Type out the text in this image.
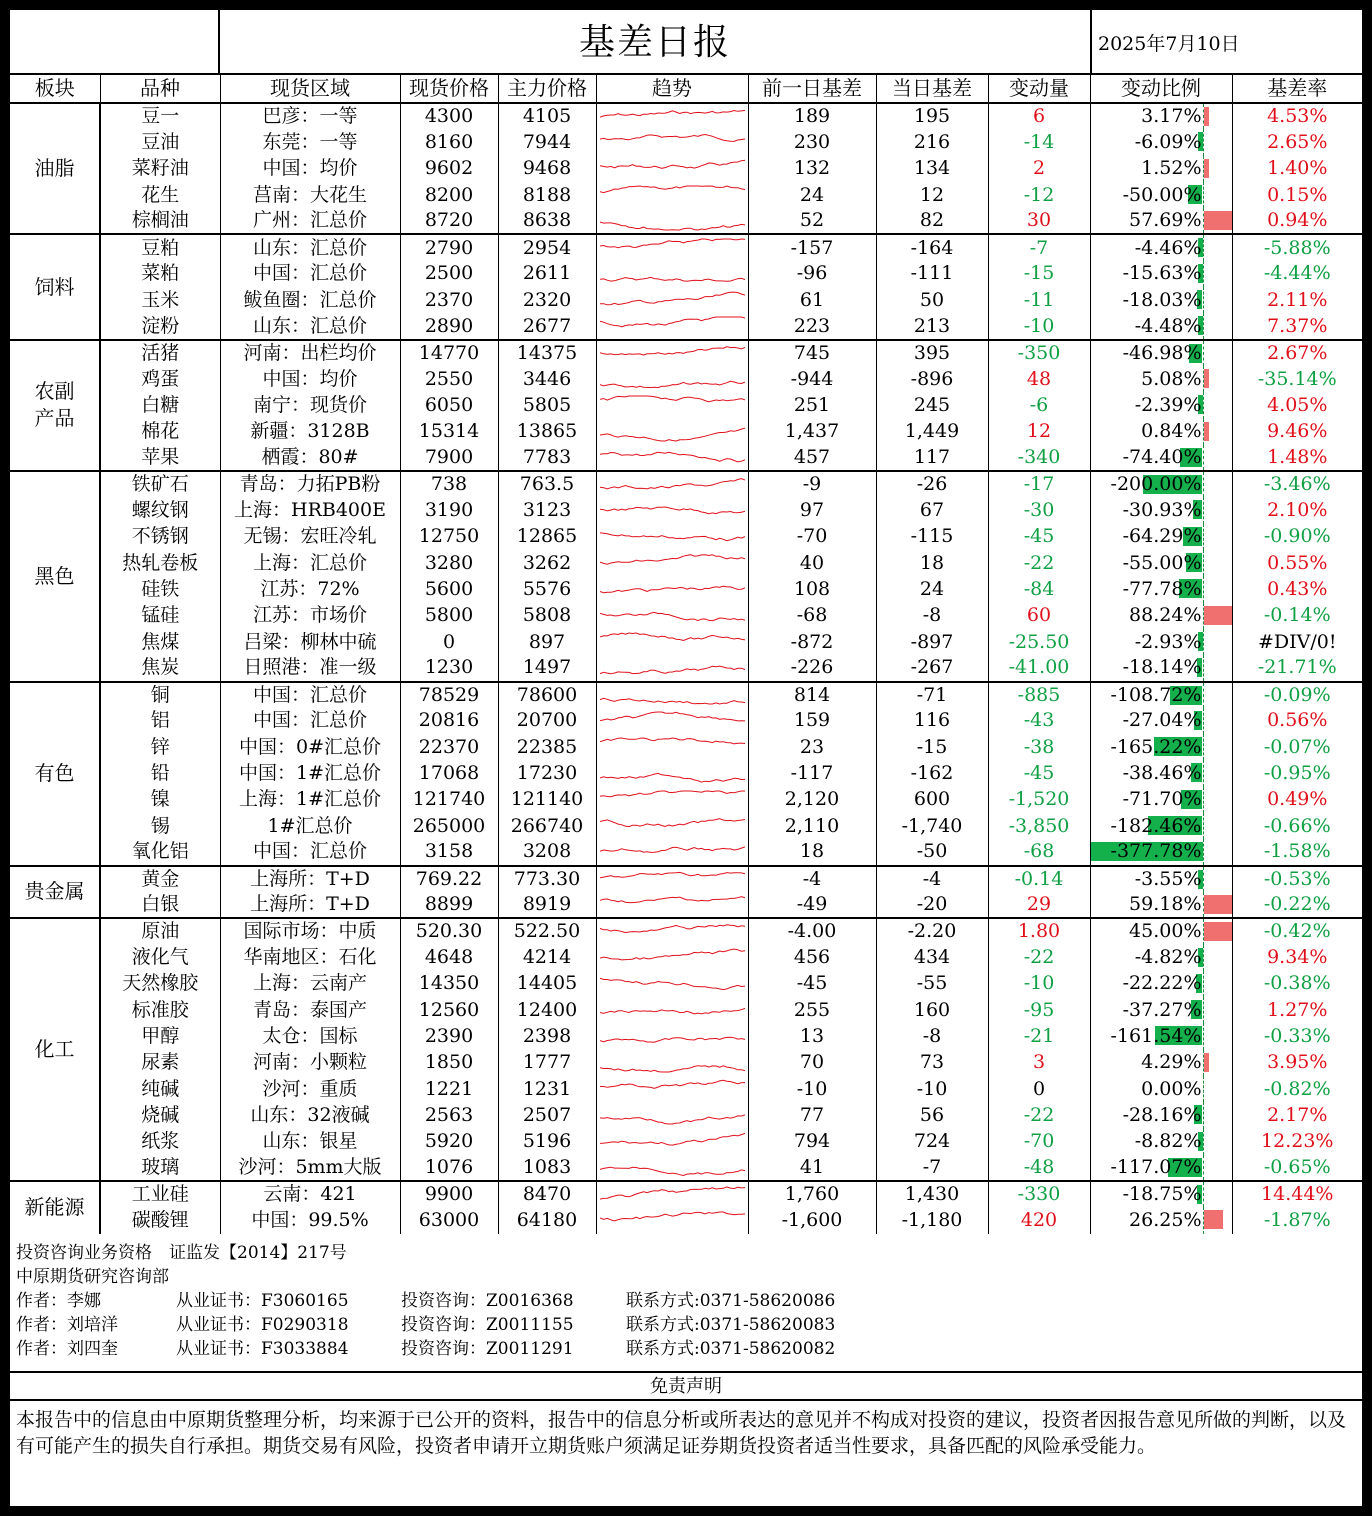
基差日报	2025年7月10日
板块	品种	现货区域	现货价格	主力价格	趋势	前一日基差	当日基差	变动量	变动比例	基差率
油脂	豆一	巴彦：一等	4300	4105		189	195	6	3.17%	4.53%
	豆油	东莞：一等	8160	7944		230	216	-14	-6.09%	2.65%
	菜籽油	中国：均价	9602	9468		132	134	2	1.52%	1.40%
	花生	莒南：大花生	8200	8188		24	12	-12	-50.00%	0.15%
	棕榈油	广州：汇总价	8720	8638		52	82	30	57.69%	0.94%
饲料	豆粕	山东：汇总价	2790	2954		-157	-164	-7	-4.46%	-5.88%
	菜粕	中国：汇总价	2500	2611		-96	-111	-15	-15.63%	-4.44%
	玉米	鲅鱼圈：汇总价	2370	2320		61	50	-11	-18.03%	2.11%
	淀粉	山东：汇总价	2890	2677		223	213	-10	-4.48%	7.37%
农副产品	活猪	河南：出栏均价	14770	14375		745	395	-350	-46.98%	2.67%
	鸡蛋	中国：均价	2550	3446		-944	-896	48	5.08%	-35.14%
	白糖	南宁：现货价	6050	5805		251	245	-6	-2.39%	4.05%
	棉花	新疆：3128B	15314	13865		1,437	1,449	12	0.84%	9.46%
	苹果	栖霞：80#	7900	7783		457	117	-340	-74.40%	1.48%
黑色	铁矿石	青岛：力拓PB粉	738	763.5		-9	-26	-17	-200.00%	-3.46%
	螺纹钢	上海：HRB400E	3190	3123		97	67	-30	-30.93%	2.10%
	不锈钢	无锡：宏旺冷轧	12750	12865		-70	-115	-45	-64.29%	-0.90%
	热轧卷板	上海：汇总价	3280	3262		40	18	-22	-55.00%	0.55%
	硅铁	江苏：72%	5600	5576		108	24	-84	-77.78%	0.43%
	锰硅	江苏：市场价	5800	5808		-68	-8	60	88.24%	-0.14%
	焦煤	吕梁：柳林中硫	0	897		-872	-897	-25.50	-2.93%	#DIV/0!
	焦炭	日照港：准一级	1230	1497		-226	-267	-41.00	-18.14%	-21.71%
有色	铜	中国：汇总价	78529	78600		814	-71	-885	-108.72%	-0.09%
	铝	中国：汇总价	20816	20700		159	116	-43	-27.04%	0.56%
	锌	中国：0#汇总价	22370	22385		23	-15	-38	-165.22%	-0.07%
	铅	中国：1#汇总价	17068	17230		-117	-162	-45	-38.46%	-0.95%
	镍	上海：1#汇总价	121740	121140		2,120	600	-1,520	-71.70%	0.49%
	锡	1#汇总价	265000	266740		2,110	-1,740	-3,850	-182.46%	-0.66%
	氧化铝	中国：汇总价	3158	3208		18	-50	-68	-377.78%	-1.58%
贵金属	黄金	上海所：T+D	769.22	773.30		-4	-4	-0.14	-3.55%	-0.53%
	白银	上海所：T+D	8899	8919		-49	-20	29	59.18%	-0.22%
化工	原油	国际市场：中质	520.30	522.50		-4.00	-2.20	1.80	45.00%	-0.42%
	液化气	华南地区：石化	4648	4214		456	434	-22	-4.82%	9.34%
	天然橡胶	上海：云南产	14350	14405		-45	-55	-10	-22.22%	-0.38%
	标准胶	青岛：泰国产	12560	12400		255	160	-95	-37.27%	1.27%
	甲醇	太仓：国标	2390	2398		13	-8	-21	-161.54%	-0.33%
	尿素	河南：小颗粒	1850	1777		70	73	3	4.29%	3.95%
	纯碱	沙河：重质	1221	1231		-10	-10	0	0.00%	-0.82%
	烧碱	山东：32液碱	2563	2507		77	56	-22	-28.16%	2.17%
	纸浆	山东：银星	5920	5196		794	724	-70	-8.82%	12.23%
	玻璃	沙河：5mm大版	1076	1083		41	-7	-48	-117.07%	-0.65%
新能源	工业硅	云南：421	9900	8470		1,760	1,430	-330	-18.75%	14.44%
	碳酸锂	中国：99.5%	63000	64180		-1,600	-1,180	420	26.25%	-1.87%
投资咨询业务资格　证监发【2014】217号
中原期货研究咨询部
作者：李娜	从业证书：F3060165	投资咨询：Z0016368	联系方式:0371-58620086
作者：刘培洋	从业证书：F0290318	投资咨询：Z0011155	联系方式:0371-58620083
作者：刘四奎	从业证书：F3033884	投资咨询：Z0011291	联系方式:0371-58620082
免责声明
本报告中的信息由中原期货整理分析，均来源于已公开的资料，报告中的信息分析或所表达的意见并不构成对投资的建议，投资者因报告意见所做的判断，以及有可能产生的损失自行承担。期货交易有风险，投资者申请开立期货账户须满足证券期货投资者适当性要求，具备匹配的风险承受能力。
